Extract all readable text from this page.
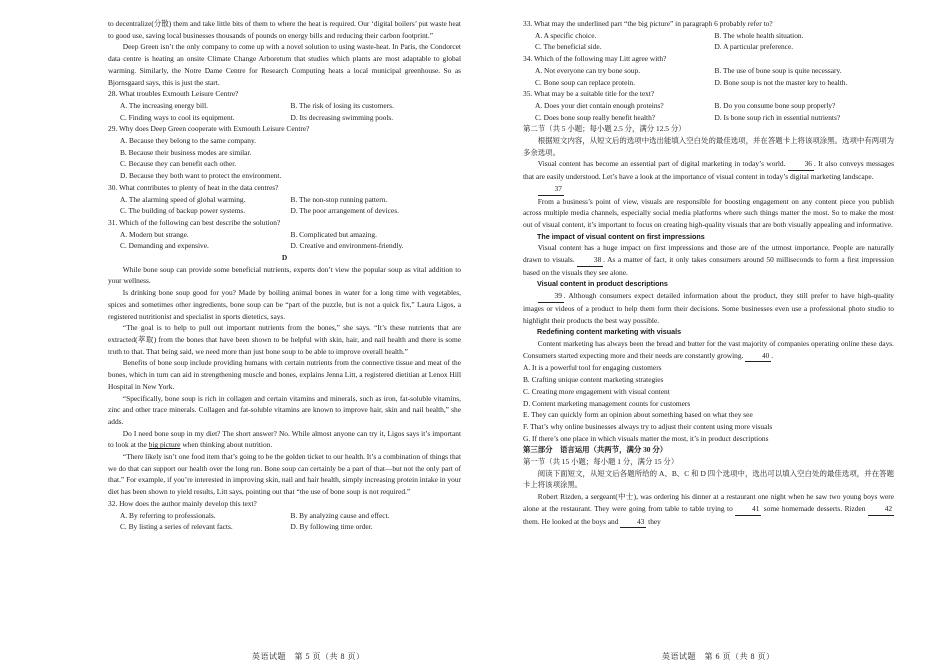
to decentralize(分散) them and take little bits of them to where the heat is required. Our ‘digital boilers’ put waste heat to good use, saving local businesses thousands of pounds on energy bills and reducing their carbon footprint.”

Deep Green isn’t the only company to come up with a novel solution to using waste-heat. In Paris, the Condorcet data centre is heating an onsite Climate Change Arboretum that studies which plants are most adaptable to global warming. Similarly, the Notre Dame Centre for Research Computing heats a local municipal greenhouse. So as Bjornsgaard says, this is just the start.

28. What troubles Exmouth Leisure Centre?

A. The increasing energy bill.	B. The risk of losing its customers.
C. Finding ways to cool its equipment.	D. Its decreasing swimming pools.

29. Why does Deep Green cooperate with Exmouth Leisure Centre?

A. Because they belong to the same company.

B. Because their business modes are similar.

C. Because they can benefit each other.

D. Because they both want to protect the environment.

30. What contributes to plenty of heat in the data centres?

A. The alarming speed of global warming.	B. The non-stop running pattern.
C. The building of backup power systems.	D. The poor arrangement of devices.

31. Which of the following can best describe the solution?

A. Modern but strange.	B. Complicated but amazing.
C. Demanding and expensive.	D. Creative and environment-friendly.

D

While bone soup can provide some beneficial nutrients, experts don’t view the popular soup as vital addition to your wellness.

Is drinking bone soup good for you? Made by boiling animal bones in water for a long time with vegetables, spices and sometimes other ingredients, bone soup can be “part of the puzzle, but is not a quick fix,” Laura Ligos, a registered nutritionist and specialist in sports dietetics, says.

“The goal is to help to pull out important nutrients from the bones,” she says. “It’s these nutrients that are extracted(萃取) from the bones that have been shown to be helpful with skin, hair, and nail health and there is some truth to that. That being said, we need more than just bone soup to be able to improve overall health.”

Benefits of bone soup include providing humans with certain nutrients from the connective tissue and meat of the bones, which in turn can aid in strengthening muscle and bones, explains Jenna Litt, a registered dietitian at Lenox Hill Hospital in New York.

“Specifically, bone soup is rich in collagen and certain vitamins and minerals, such as iron, fat-soluble vitamins, zinc and other trace minerals. Collagen and fat-soluble vitamins are known to improve hair, skin and nail health,” she adds.

Do I need bone soup in my diet? The short answer? No. While almost anyone can try it, Ligos says it’s important to look at the big picture when thinking about nutrition.

“There likely isn’t one food item that’s going to be the golden ticket to our health. It’s a combination of things that we do that can support our health over the long run. Bone soup can certainly be a part of that—but not the only part of that.” For example, if you’re interested in improving skin, nail and hair health, simply increasing protein intake in your diet has been shown to yield results, Litt says, pointing out that “the use of bone soup is not required.”

32. How does the author mainly develop this text?

A. By referring to professionals.	B. By analyzing cause and effect.
C. By listing a series of relevant facts.	D. By following time order.
英语试题　第 5 页（共 8 页）

33. What may the underlined part “the big picture” in paragraph 6 probably refer to?

A. A specific choice.	B. The whole health situation.
C. The beneficial side.	D. A particular preference.

34. Which of the following may Litt agree with?

A. Not everyone can try bone soup.	B. The use of bone soup is quite necessary.
C. Bone soup can replace protein.	D. Bone soup is not the master key to health.

35. What may be a suitable title for the text?

A. Does your diet contain enough proteins?	B. Do you consume bone soup properly?
C. Does bone soup really benefit health?	D. Is bone soup rich in essential nutrients?

第二节（共 5 小题；每小题 2.5 分，满分 12.5 分）

根据短文内容，从短文后的选项中选出能填入空白处的最佳选项，并在答题卡上将该项涂黑。选项中有两项为多余选项。

Visual content has become an essential part of digital marketing in today’s world. 36 . It also conveys messages that are easily understood. Let’s have a look at the importance of visual content in today’s digital marketing landscape.

37

From a business’s point of view, visuals are responsible for boosting engagement on any content piece you publish across multiple media channels, especially social media platforms where such things matter the most. So to make the most out of visual content, it’s important to focus on creating high-quality visuals that are both visually appealing and informative.

The impact of visual content on first impressions

Visual content has a huge impact on first impressions and those are of the utmost importance. People are naturally drawn to visuals. 38 . As a matter of fact, it only takes consumers around 50 milliseconds to form a first impression based on the visuals they see alone.

Visual content in product descriptions

39 . Although consumers expect detailed information about the product, they still prefer to have high-quality images or videos of a product to help them form their decisions. Some businesses even use a professional photo studio to highlight their products the best way possible.

Redefining content marketing with visuals

Content marketing has always been the bread and butter for the vast majority of companies operating online these days. Consumers started expecting more and their needs are constantly growing. 40 .

A. It is a powerful tool for engaging customers

B. Crafting unique content marketing strategies

C. Creating more engagement with visual content

D. Content marketing management counts for customers

E. They can quickly form an opinion about something based on what they see

F. That’s why online businesses always try to adjust their content using more visuals

G. If there’s one place in which visuals matter the most, it’s in product descriptions

第三部分　语言运用（共两节，满分 30 分）

第一节（共 15 小题；每小题 1 分，满分 15 分）

阅读下面短文，从短文后各题所给的 A、B、C 和 D 四个选项中，选出可以填入空白处的最佳选项，并在答题卡上将该项涂黑。

Robert Rizden, a sergeant(中士), was ordering his dinner at a restaurant one night when he saw two young boys were alone at the restaurant. They were going from table to table trying to 41 some homemade desserts. Rizden 42 them. He looked at the boys and 43 they

英语试题　第 6 页（共 8 页）
